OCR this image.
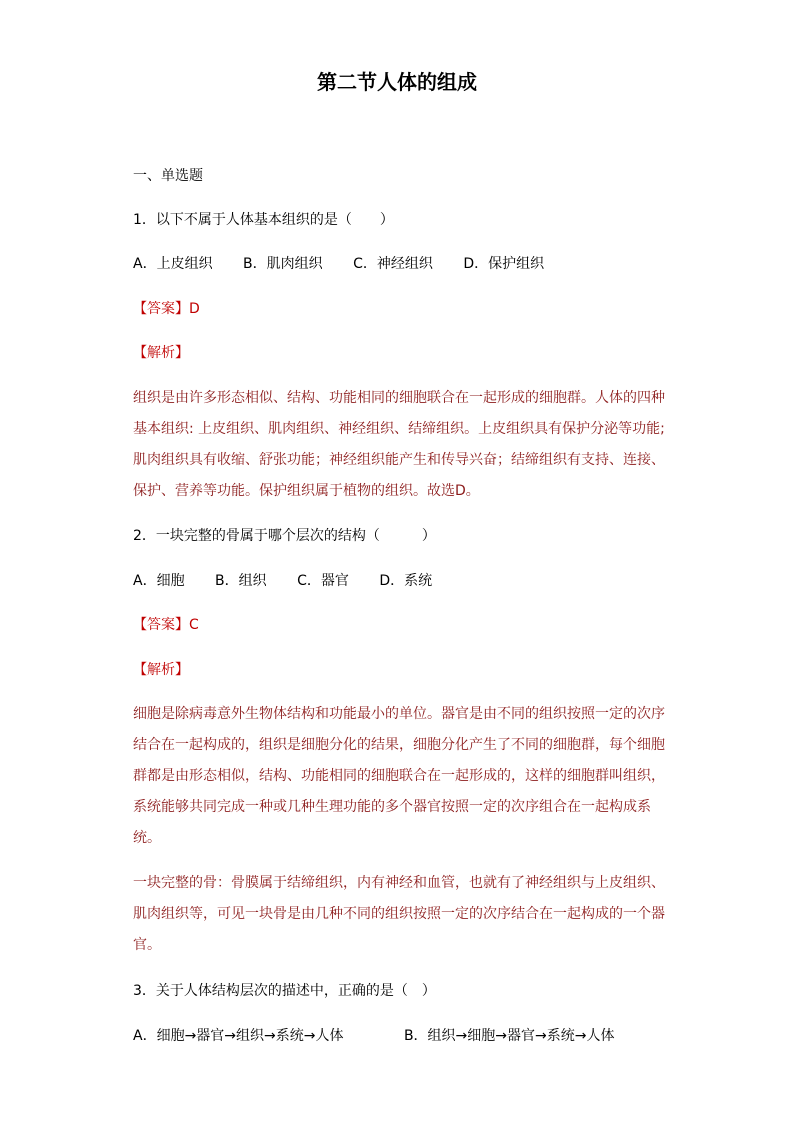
第二节人体的组成
一、单选题
1．以下不属于人体基本组织的是（　　）
A．上皮组织 B．肌肉组织 C．神经组织 D．保护组织
【答案】D
【解析】
组织是由许多形态相似、结构、功能相同的细胞联合在一起形成的细胞群。人体的四种
基本组织: 上皮组织、肌肉组织、神经组织、结缔组织。上皮组织具有保护分泌等功能;
肌肉组织具有收缩、舒张功能；神经组织能产生和传导兴奋；结缔组织有支持、连接、
保护、营养等功能。保护组织属于植物的组织。故选D。
2．一块完整的骨属于哪个层次的结构（　　　）
A．细胞 B．组织 C．器官 D．系统
【答案】C
【解析】
细胞是除病毒意外生物体结构和功能最小的单位。器官是由不同的组织按照一定的次序
结合在一起构成的，组织是细胞分化的结果，细胞分化产生了不同的细胞群，每个细胞
群都是由形态相似，结构、功能相同的细胞联合在一起形成的，这样的细胞群叫组织，
系统能够共同完成一种或几种生理功能的多个器官按照一定的次序组合在一起构成系
统。
一块完整的骨：骨膜属于结缔组织，内有神经和血管，也就有了神经组织与上皮组织、
肌肉组织等，可见一块骨是由几种不同的组织按照一定的次序结合在一起构成的一个器
官。
3．关于人体结构层次的描述中，正确的是（　）
A．细胞→器官→组织→系统→人体	B．组织→细胞→器官→系统→人体
